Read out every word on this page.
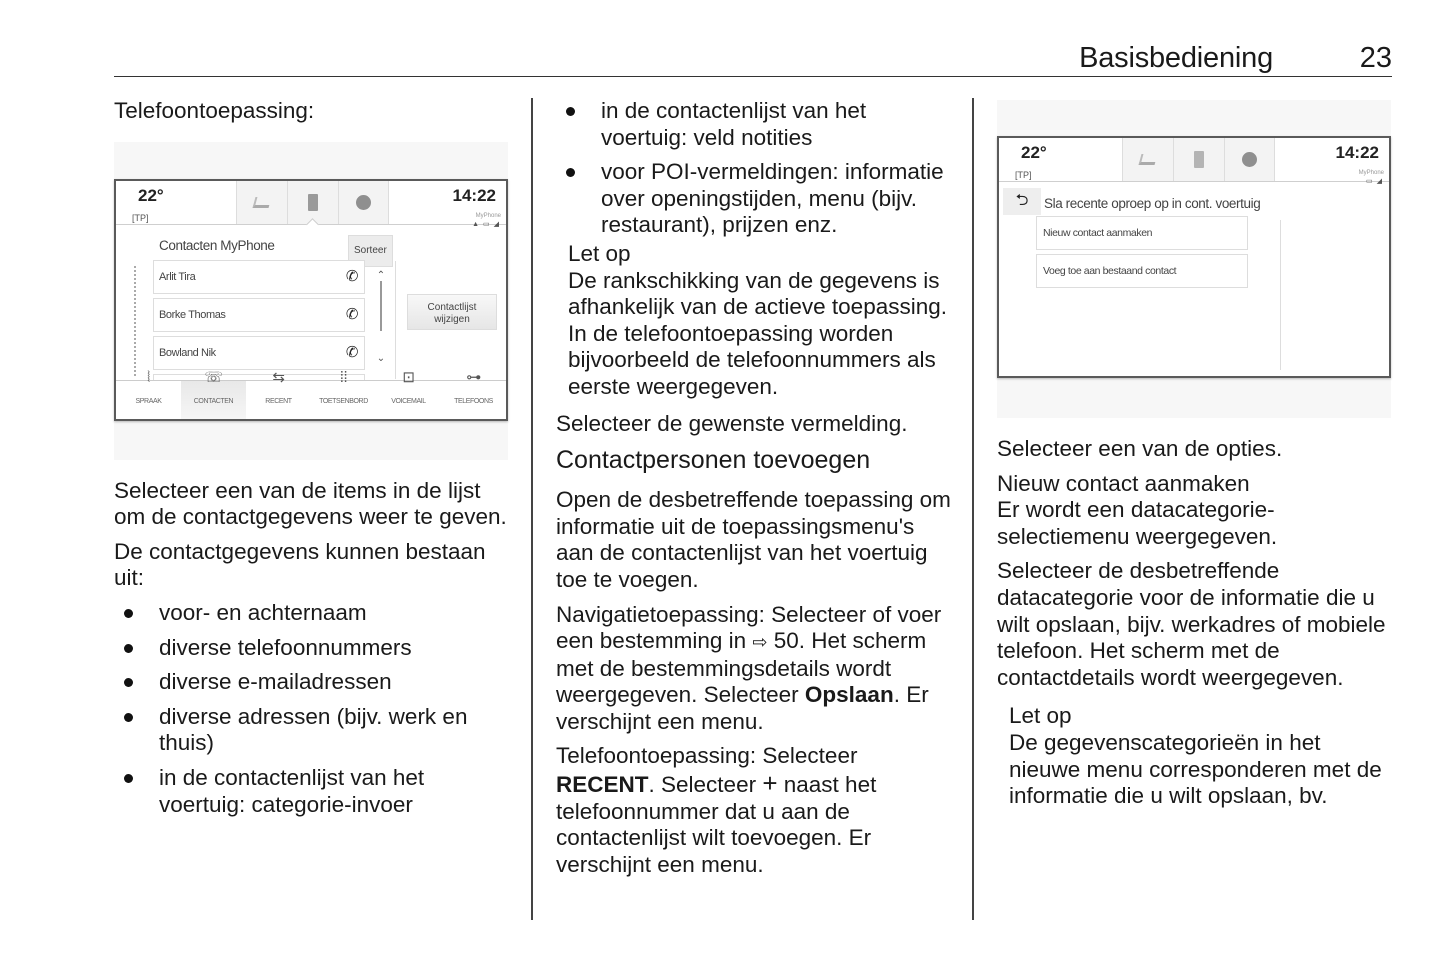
Basisbediening	23

Telefoontoepassing:

22°
[TP]
14:22
MyPhone
▲ ▭ ◢
Contacten MyPhone	Sorteer
Arlit Tira	✆
Borke Thomas	✆
Bowland Nik	✆
⌃
⌄
Contactlijst
wijzigen
⦚
SPRAAK
☏
CONTACTEN
⇆
RECENT
⁞⁞
TOETSENBORD
⊡
VOICEMAIL
⊶
TELEFOONS

Selecteer een van de items in de lijst om de contactgegevens weer te geven.

De contactgegevens kunnen bestaan uit:

voor- en achternaam
diverse telefoonnummers
diverse e-mailadressen
diverse adressen (bijv. werk en thuis)
in de contactenlijst van het voertuig: categorie-invoer
in de contactenlijst van het voertuig: veld notities
voor POI-vermeldingen: informatie over openingstijden, menu (bijv. restaurant), prijzen enz.
Let op
De rankschikking van de gegevens is afhankelijk van de actieve toepassing. In de telefoontoepassing worden bijvoorbeeld de telefoonnummers als eerste weergegeven.

Selecteer de gewenste vermelding.

Contactpersonen toevoegen

Open de desbetreffende toepassing om informatie uit de toepassingsmenu's aan de contactenlijst van het voertuig toe te voegen.

Navigatietoepassing: Selecteer of voer een bestemming in ⇨ 50. Het scherm met de bestemmingsdetails wordt weergegeven. Selecteer Opslaan. Er verschijnt een menu.

Telefoontoepassing: Selecteer RECENT. Selecteer + naast het telefoonnummer dat u aan de contactenlijst wilt toevoegen. Er verschijnt een menu.

22°
[TP]
14:22
MyPhone
▭ ◢
⮌	Sla recente oproep op in cont. voertuig
Nieuw contact aanmaken
Voeg toe aan bestaand contact

Selecteer een van de opties.

Nieuw contact aanmaken
Er wordt een datacategorie-selectiemenu weergegeven.

Selecteer de desbetreffende datacategorie voor de informatie die u wilt opslaan, bijv. werkadres of mobiele telefoon. Het scherm met de contactdetails wordt weergegeven.

Let op
De gegevenscategorieën in het nieuwe menu corresponderen met de informatie die u wilt opslaan, bv.
